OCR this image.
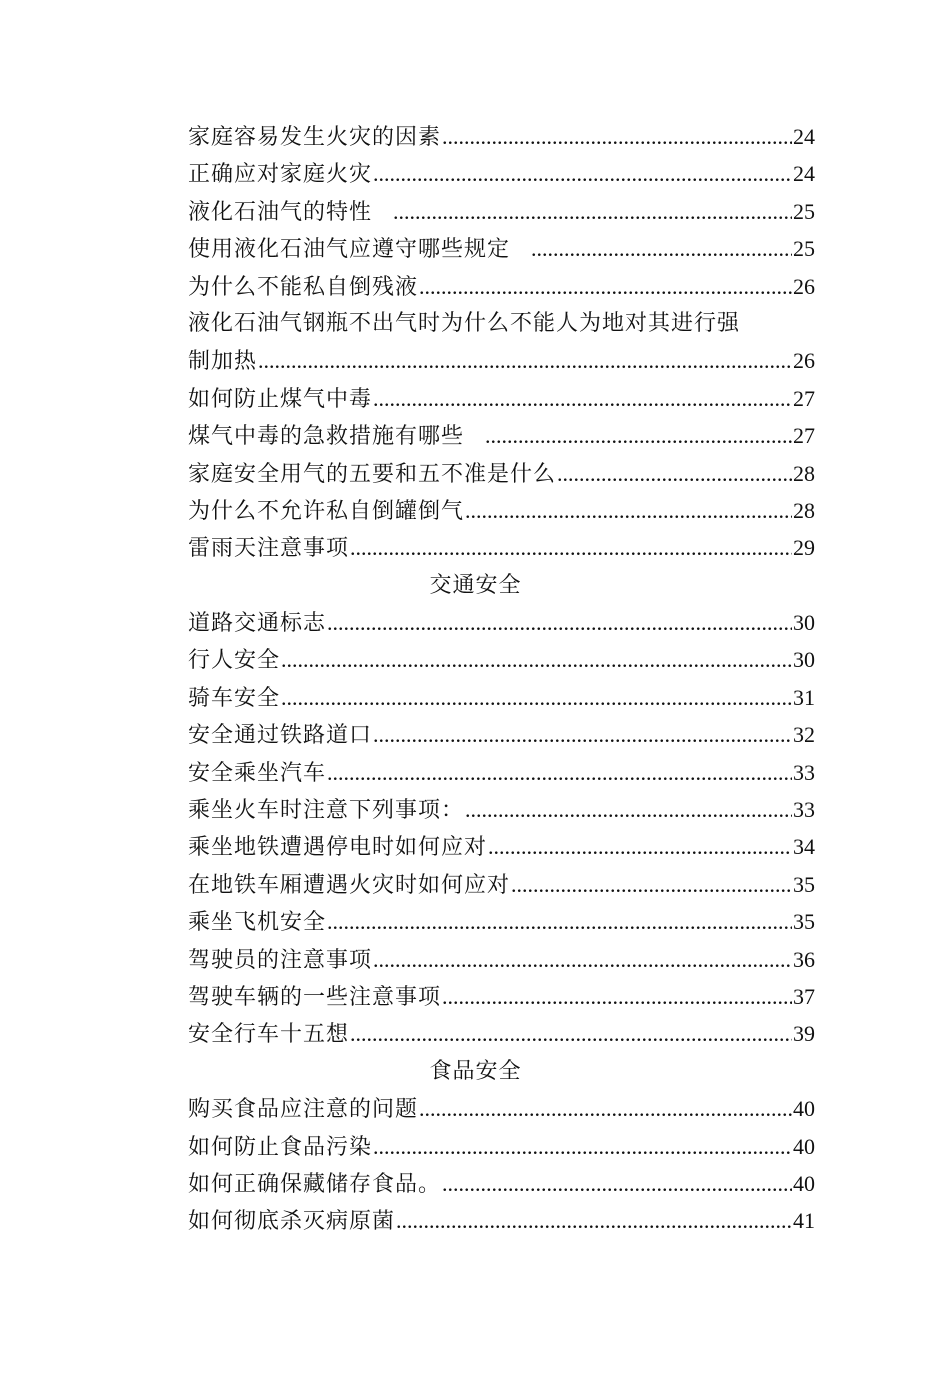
家庭容易发生火灾的因素 .....	24
正确应对家庭火灾 .....	24
液化石油气的特性 .....	25
使用液化石油气应遵守哪些规定 .....	25
为什么不能私自倒残液 .....	26
液化石油气钢瓶不出气时为什么不能人为地对其进行强
制加热 .....	26
如何防止煤气中毒 .....	27
煤气中毒的急救措施有哪些 .....	27
家庭安全用气的五要和五不准是什么 .....	28
为什么不允许私自倒罐倒气 .....	28
雷雨天注意事项 .....	29
交通安全
道路交通标志 .....	30
行人安全 .....	30
骑车安全 .....	31
安全通过铁路道口 .....	32
安全乘坐汽车 .....	33
乘坐火车时注意下列事项： .....	33
乘坐地铁遭遇停电时如何应对 .....	34
在地铁车厢遭遇火灾时如何应对 .....	35
乘坐飞机安全 .....	35
驾驶员的注意事项 .....	36
驾驶车辆的一些注意事项 .....	37
安全行车十五想 .....	39
食品安全
购买食品应注意的问题 .....	40
如何防止食品污染 .....	40
如何正确保藏储存食品。 .....	40
如何彻底杀灭病原菌 .....	41
